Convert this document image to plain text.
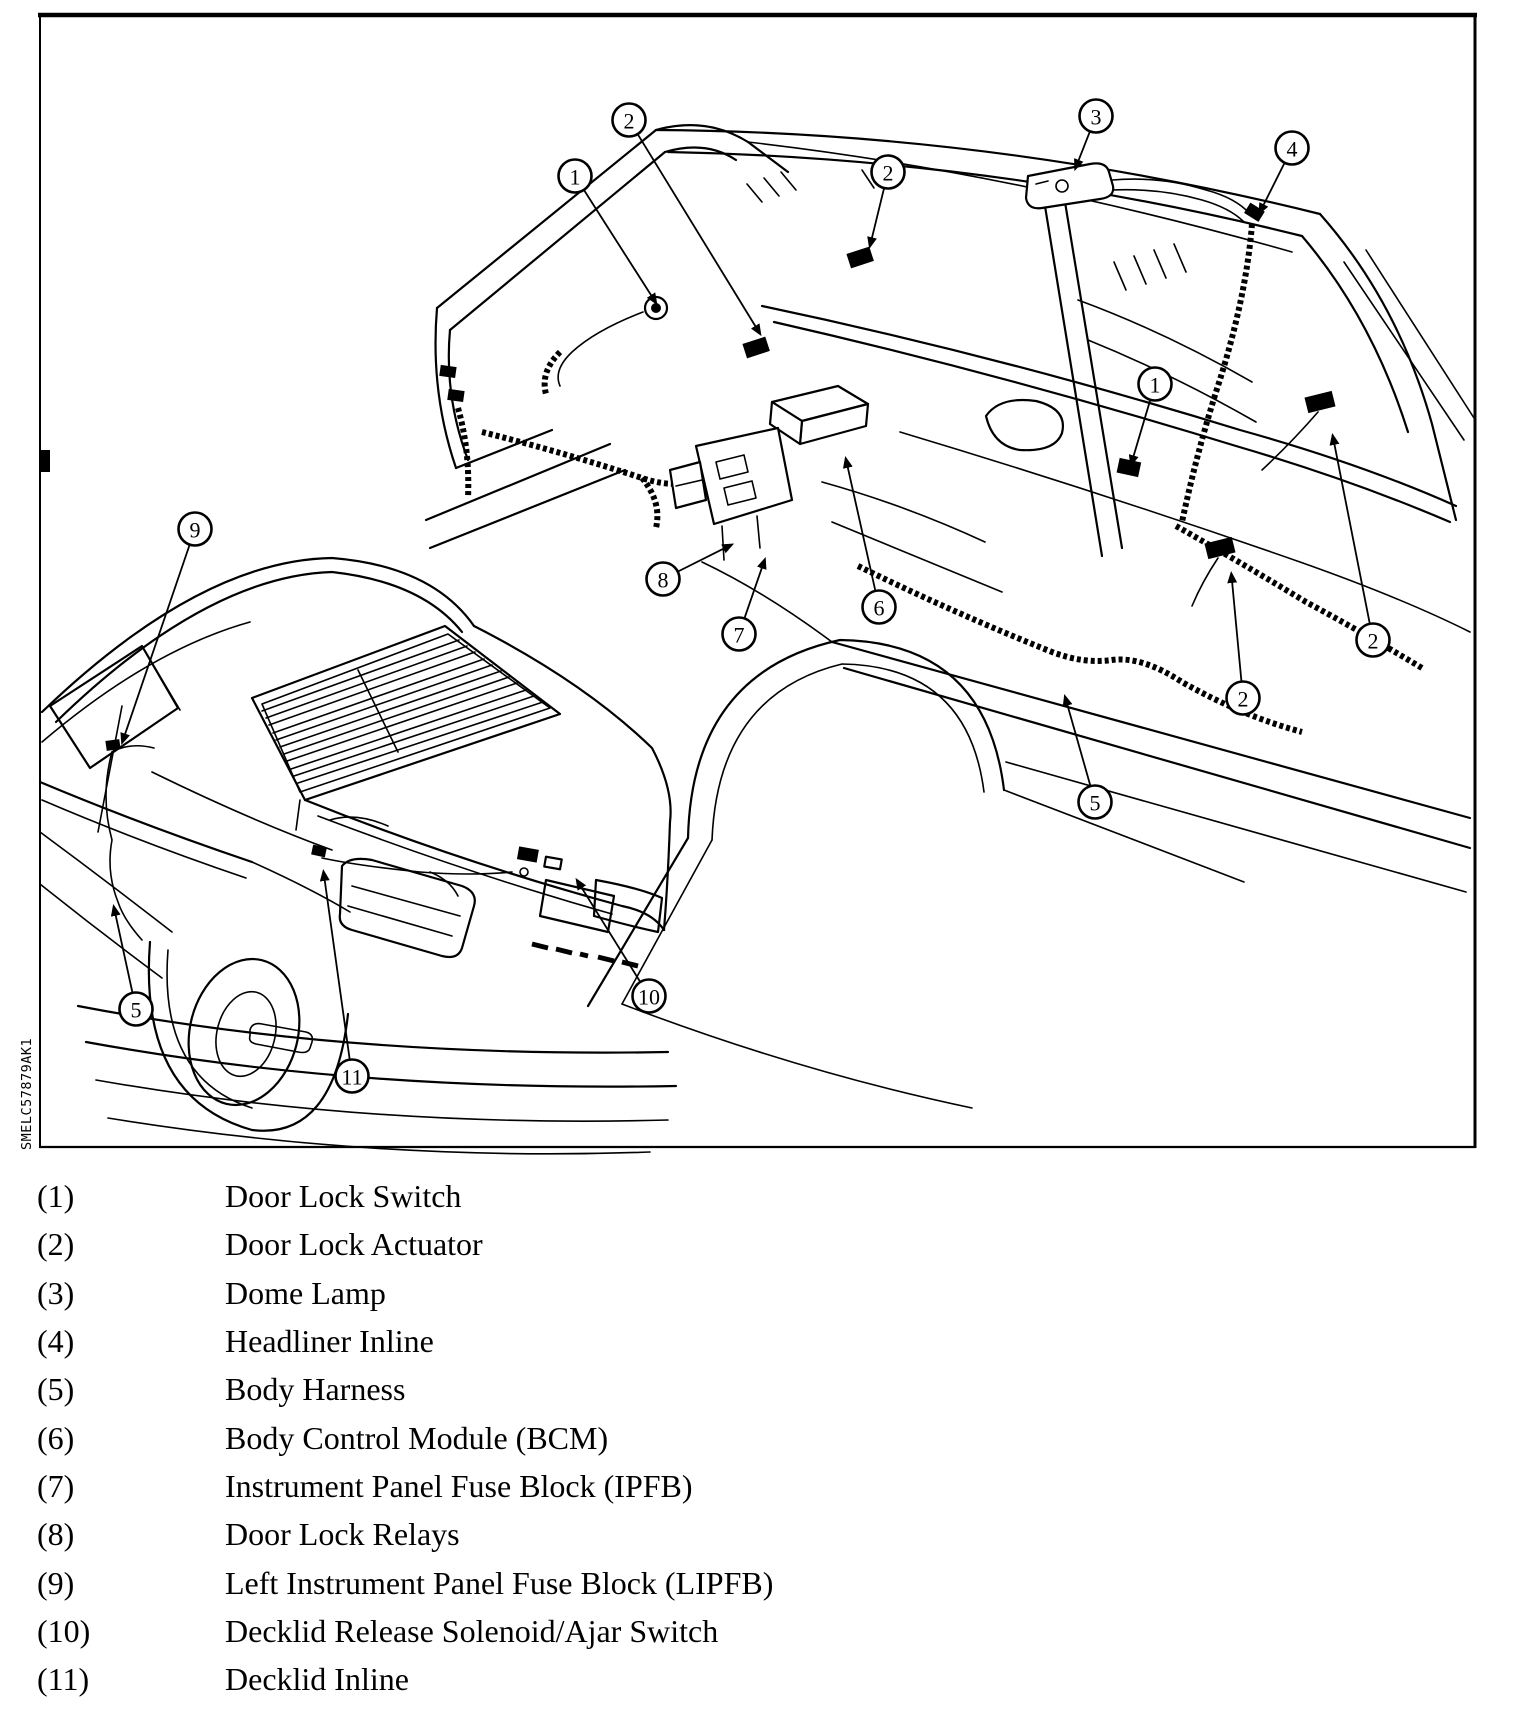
SMELC57879AK1
2
1	2
3
4
1
8
7
6
2
2
5
9
5
10
11
(1)	Door Lock Switch
(2)	Door Lock Actuator
(3)	Dome Lamp
(4)	Headliner Inline
(5)	Body Harness
(6)	Body Control Module (BCM)
(7)	Instrument Panel Fuse Block (IPFB)
(8)	Door Lock Relays
(9)	Left Instrument Panel Fuse Block (LIPFB)
(10)	Decklid Release Solenoid/Ajar Switch
(11)	Decklid Inline
